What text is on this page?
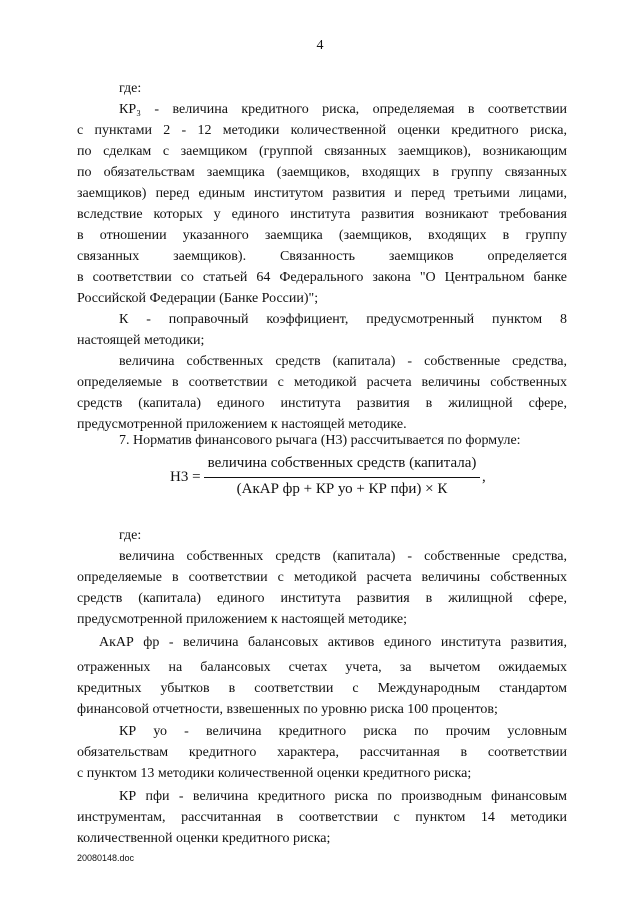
4
где:
КР₃ - величина кредитного риска, определяемая в соответствии
с пунктами 2 - 12 методики количественной оценки кредитного риска,
по сделкам с заемщиком (группой связанных заемщиков), возникающим
по обязательствам заемщика (заемщиков, входящих в группу связанных
заемщиков) перед единым институтом развития и перед третьими лицами,
вследствие которых у единого института развития возникают требования
в отношении указанного заемщика (заемщиков, входящих в группу
связанных заемщиков). Связанность заемщиков определяется
в соответствии со статьей 64 Федерального закона "О Центральном банке
Российской Федерации (Банке России)";
К - поправочный коэффициент, предусмотренный пунктом 8
настоящей методики;
величина собственных средств (капитала) - собственные средства,
определяемые в соответствии с методикой расчета величины собственных
средств (капитала) единого института развития в жилищной сфере,
предусмотренной приложением к настоящей методике.
7. Норматив финансового рычага (Н3) рассчитывается по формуле:
Н3 =
величина собственных средств (капитала)
(АкАР фр + КР уо + КР пфи) × К
,
где:
величина собственных средств (капитала) - собственные средства,
определяемые в соответствии с методикой расчета величины собственных
средств (капитала) единого института развития в жилищной сфере,
предусмотренной приложением к настоящей методике;
АкАР фр - величина балансовых активов единого института развития,
отраженных на балансовых счетах учета, за вычетом ожидаемых
кредитных убытков в соответствии с Международным стандартом
финансовой отчетности, взвешенных по уровню риска 100 процентов;
КР уо - величина кредитного риска по прочим условным
обязательствам кредитного характера, рассчитанная в соответствии
с пунктом 13 методики количественной оценки кредитного риска;
КР пфи - величина кредитного риска по производным финансовым
инструментам, рассчитанная в соответствии с пунктом 14 методики
количественной оценки кредитного риска;
20080148.doc
